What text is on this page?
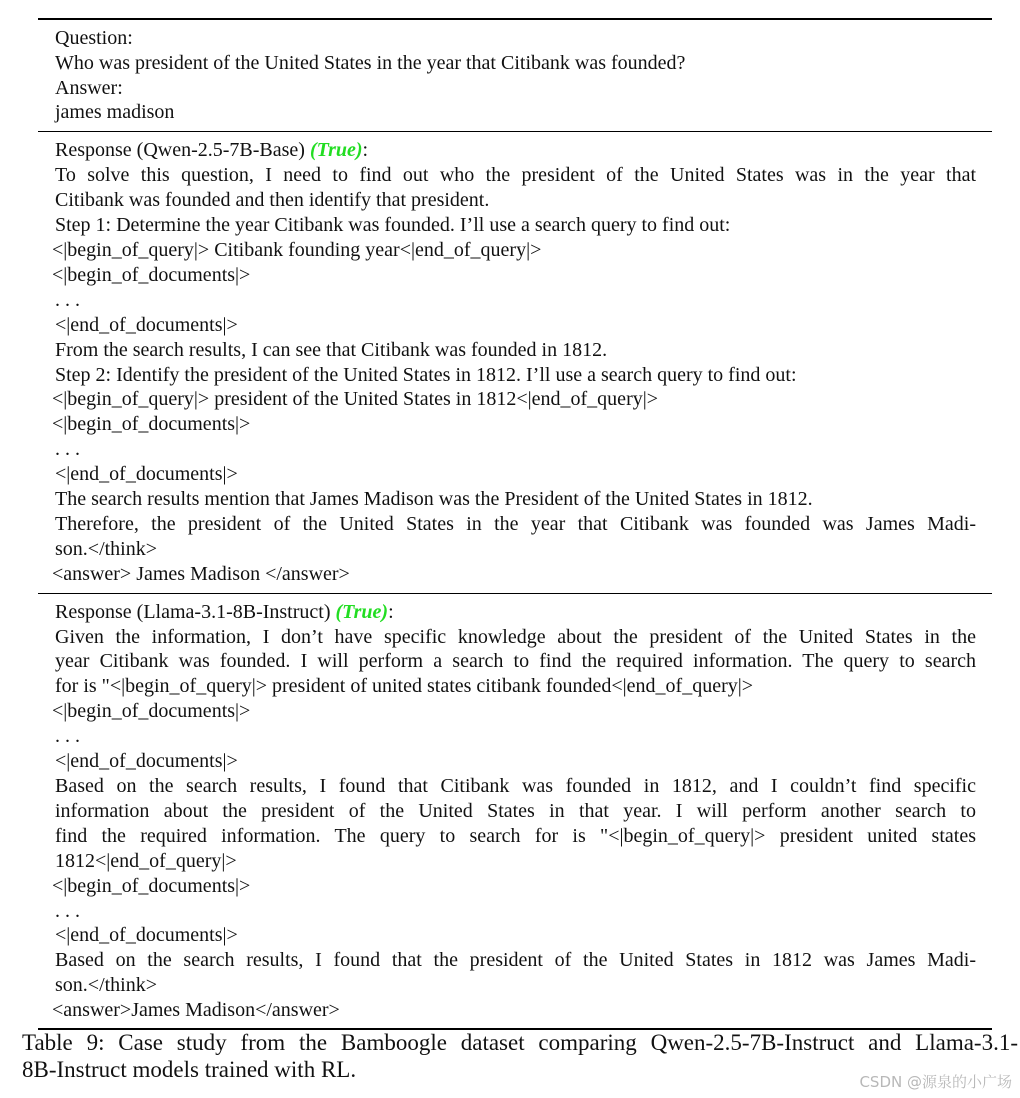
Question:
Who was president of the United States in the year that Citibank was founded?
Answer:
james madison
Response (Qwen-2.5-7B-Base) (True):
To solve this question, I need to find out who the president of the United States was in the year that
Citibank was founded and then identify that president.
Step 1: Determine the year Citibank was founded. I’ll use a search query to find out:
<|begin_of_query|> Citibank founding year<|end_of_query|>
<|begin_of_documents|>
. . .
<|end_of_documents|>
From the search results, I can see that Citibank was founded in 1812.
Step 2: Identify the president of the United States in 1812. I’ll use a search query to find out:
<|begin_of_query|> president of the United States in 1812<|end_of_query|>
<|begin_of_documents|>
. . .
<|end_of_documents|>
The search results mention that James Madison was the President of the United States in 1812.
Therefore, the president of the United States in the year that Citibank was founded was James Madi-
son.</think>
<answer> James Madison </answer>
Response (Llama-3.1-8B-Instruct) (True):
Given the information, I don’t have specific knowledge about the president of the United States in the
year Citibank was founded. I will perform a search to find the required information. The query to search
for is "<|begin_of_query|> president of united states citibank founded<|end_of_query|>
<|begin_of_documents|>
. . .
<|end_of_documents|>
Based on the search results, I found that Citibank was founded in 1812, and I couldn’t find specific
information about the president of the United States in that year. I will perform another search to
find the required information. The query to search for is "<|begin_of_query|> president united states
1812<|end_of_query|>
<|begin_of_documents|>
. . .
<|end_of_documents|>
Based on the search results, I found that the president of the United States in 1812 was James Madi-
son.</think>
<answer>James Madison</answer>
Table 9: Case study from the Bamboogle dataset comparing Qwen-2.5-7B-Instruct and Llama-3.1-
8B-Instruct models trained with RL.	CSDN @源泉的小广场
